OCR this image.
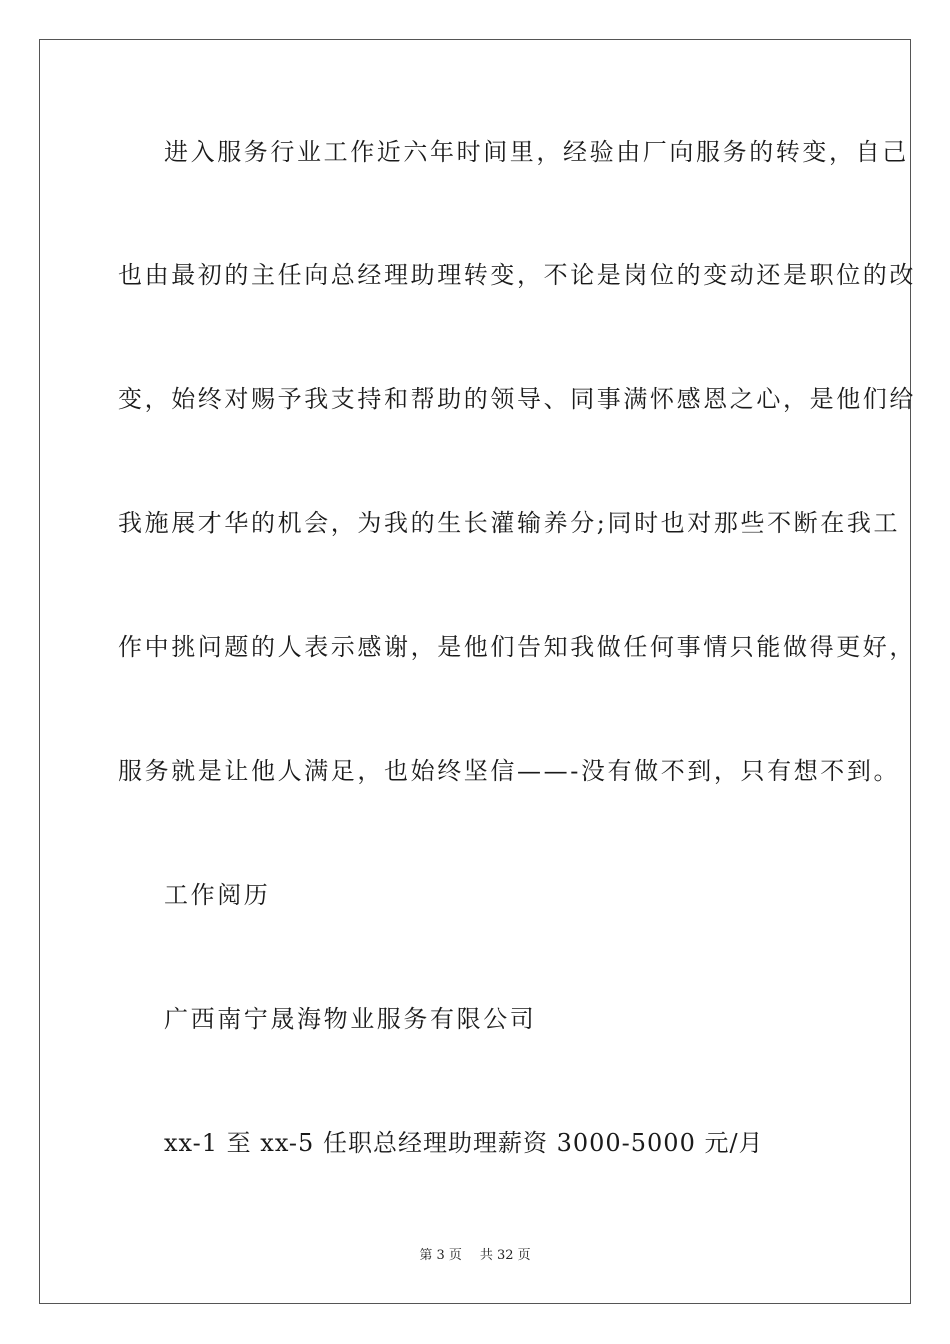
进入服务行业工作近六年时间里，经验由厂向服务的转变，自己
也由最初的主任向总经理助理转变，不论是岗位的变动还是职位的改
变，始终对赐予我支持和帮助的领导、同事满怀感恩之心，是他们给
我施展才华的机会，为我的生长灌输养分;同时也对那些不断在我工
作中挑问题的人表示感谢，是他们告知我做任何事情只能做得更好，
服务就是让他人满足，也始终坚信——-没有做不到，只有想不到。
工作阅历
广西南宁晟海物业服务有限公司
xx-1 至 xx-5 任职总经理助理薪资 3000-5000 元/月
第 3 页 共 32 页
